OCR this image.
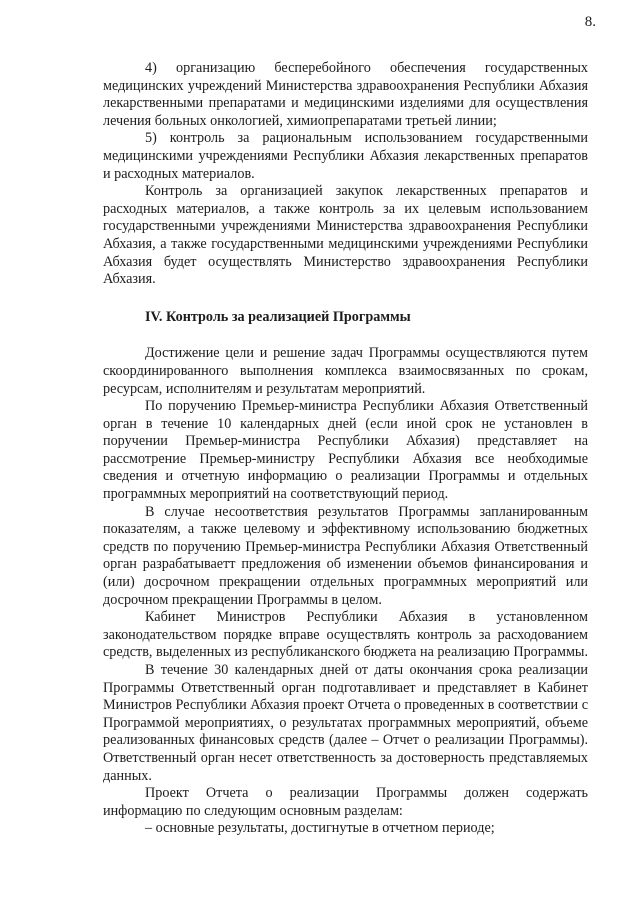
8.

4) организацию бесперебойного обеспечения государственных медицинских учреждений Министерства здравоохранения Республики Абхазия лекарственными препаратами и медицинскими изделиями для осуществления лечения больных онкологией, химиопрепаратами третьей линии;

5) контроль за рациональным использованием государственными медицинскими учреждениями Республики Абхазия лекарственных препаратов и расходных материалов.

Контроль за организацией закупок лекарственных препаратов и расходных материалов, а также контроль за их целевым использованием государственными учреждениями Министерства здравоохранения Республики Абхазия, а также государственными медицинскими учреждениями Республики Абхазия будет осуществлять Министерство здравоохранения Республики Абхазия.

IV. Контроль за реализацией Программы

Достижение цели и решение задач Программы осуществляются путем скоординированного выполнения комплекса взаимосвязанных по срокам, ресурсам, исполнителям и результатам мероприятий.

По поручению Премьер-министра Республики Абхазия Ответственный орган в течение 10 календарных дней (если иной срок не установлен в поручении Премьер-министра Республики Абхазия) представляет на рассмотрение Премьер-министру Республики Абхазия все необходимые сведения и отчетную информацию о реализации Программы и отдельных программных мероприятий на соответствующий период.

В случае несоответствия результатов Программы запланированным показателям, а также целевому и эффективному использованию бюджетных средств по поручению Премьер-министра Республики Абхазия Ответственный орган разрабатываетт предложения об изменении объемов финансирования и (или) досрочном прекращении отдельных программных мероприятий или досрочном прекращении Программы в целом.

Кабинет Министров Республики Абхазия в установленном законодательством порядке вправе осуществлять контроль за расходованием средств, выделенных из республиканского бюджета на реализацию Программы.

В течение 30 календарных дней от даты окончания срока реализации Программы Ответственный орган подготавливает и представляет в Кабинет Министров Республики Абхазия проект Отчета о проведенных в соответствии с Программой мероприятиях, о результатах программных мероприятий, объеме реализованных финансовых средств (далее – Отчет о реализации Программы). Ответственный орган несет ответственность за достоверность представляемых данных.

Проект Отчета о реализации Программы должен содержать информацию по следующим основным разделам:

– основные результаты, достигнутые в отчетном периоде;
